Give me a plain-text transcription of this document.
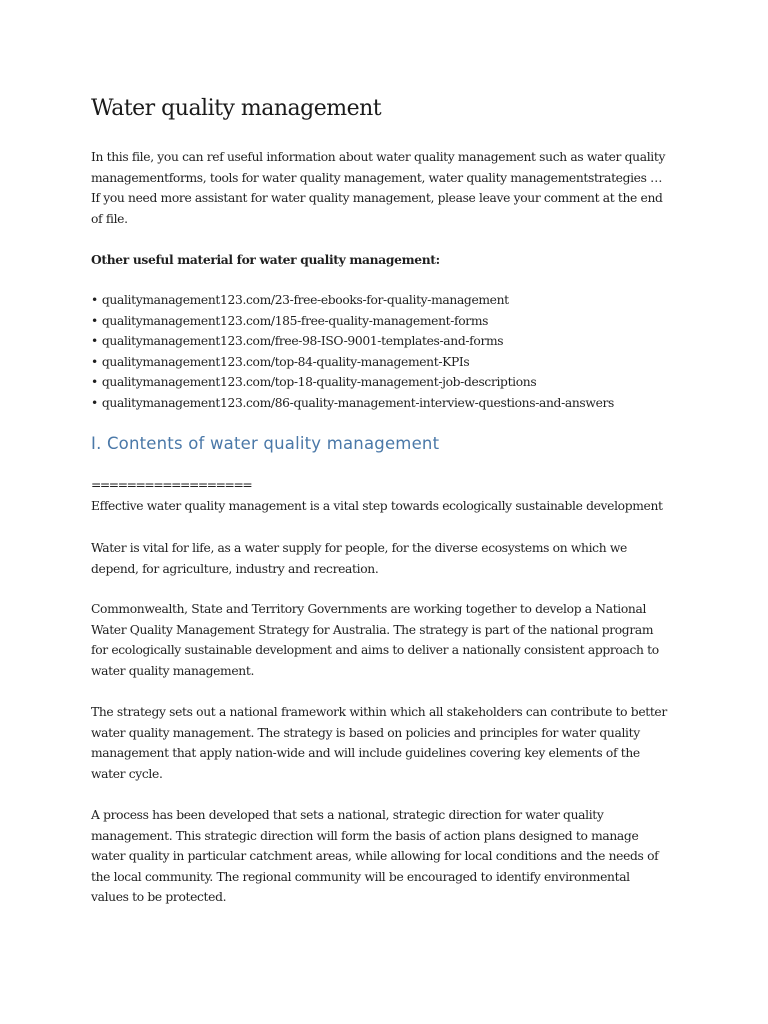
Water quality management

In this file, you can ref useful information about water quality management such as water quality
managementforms, tools for water quality management, water quality managementstrategies …
If you need more assistant for water quality management, please leave your comment at the end
of file.

Other useful material for water quality management:

• qualitymanagement123.com/23-free-ebooks-for-quality-management
• qualitymanagement123.com/185-free-quality-management-forms
• qualitymanagement123.com/free-98-ISO-9001-templates-and-forms
• qualitymanagement123.com/top-84-quality-management-KPIs
• qualitymanagement123.com/top-18-quality-management-job-descriptions
• qualitymanagement123.com/86-quality-management-interview-questions-and-answers
I. Contents of water quality management
==================

Effective water quality management is a vital step towards ecologically sustainable development

Water is vital for life, as a water supply for people, for the diverse ecosystems on which we
depend, for agriculture, industry and recreation.

Commonwealth, State and Territory Governments are working together to develop a National
Water Quality Management Strategy for Australia. The strategy is part of the national program
for ecologically sustainable development and aims to deliver a nationally consistent approach to
water quality management.

The strategy sets out a national framework within which all stakeholders can contribute to better
water quality management. The strategy is based on policies and principles for water quality
management that apply nation-wide and will include guidelines covering key elements of the
water cycle.

A process has been developed that sets a national, strategic direction for water quality
management. This strategic direction will form the basis of action plans designed to manage
water quality in particular catchment areas, while allowing for local conditions and the needs of
the local community. The regional community will be encouraged to identify environmental
values to be protected.
